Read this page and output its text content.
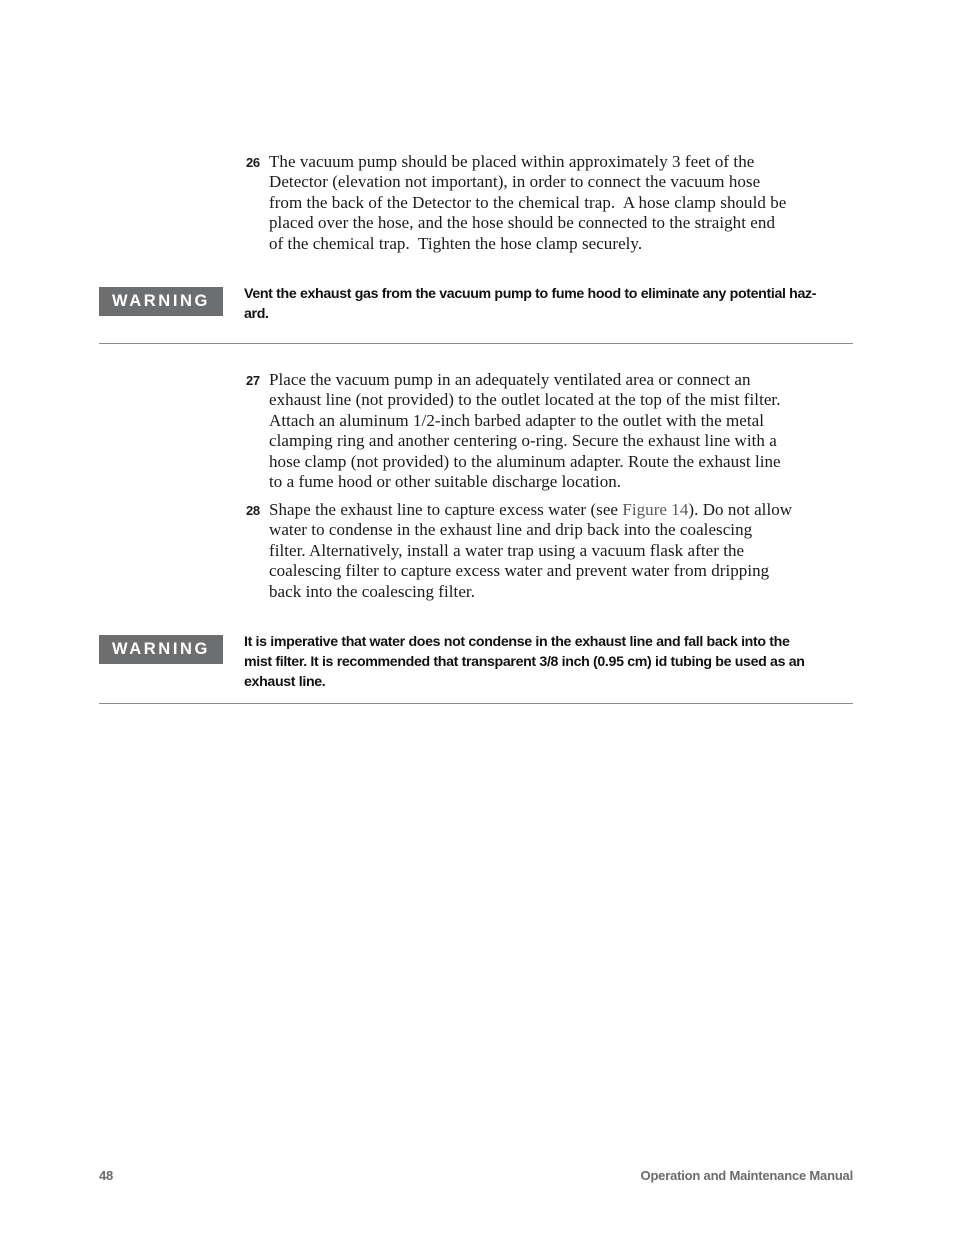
26 The vacuum pump should be placed within approximately 3 feet of the
Detector (elevation not important), in order to connect the vacuum hose
from the back of the Detector to the chemical trap.  A hose clamp should be
placed over the hose, and the hose should be connected to the straight end
of the chemical trap.  Tighten the hose clamp securely.
WARNING	Vent the exhaust gas from the vacuum pump to fume hood to eliminate any potential haz-
ard.
27 Place the vacuum pump in an adequately ventilated area or connect an
exhaust line (not provided) to the outlet located at the top of the mist filter.
Attach an aluminum 1/2-inch barbed adapter to the outlet with the metal
clamping ring and another centering o-ring. Secure the exhaust line with a
hose clamp (not provided) to the aluminum adapter. Route the exhaust line
to a fume hood or other suitable discharge location.
28 Shape the exhaust line to capture excess water (see Figure 14). Do not allow
water to condense in the exhaust line and drip back into the coalescing
filter. Alternatively, install a water trap using a vacuum flask after the
coalescing filter to capture excess water and prevent water from dripping
back into the coalescing filter.
WARNING	It is imperative that water does not condense in the exhaust line and fall back into the
mist filter. It is recommended that transparent 3/8 inch (0.95 cm) id tubing be used as an
exhaust line.
48	Operation and Maintenance Manual
